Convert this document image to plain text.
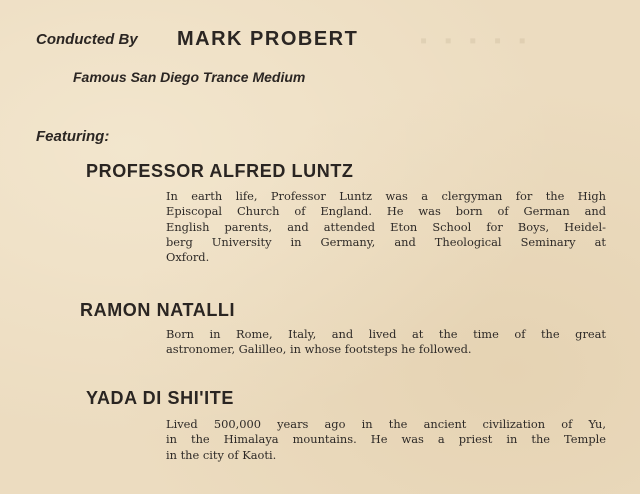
▪ ▪ ▪ ▪ ▪
Conducted By MARK PROBERT
Famous San Diego Trance Medium
Featuring:
PROFESSOR ALFRED LUNTZ
In earth life, Professor Luntz was a clergyman for the High
Episcopal Church of England. He was born of German and
English parents, and attended Eton School for Boys, Heidel-
berg University in Germany, and Theological Seminary at
Oxford.
RAMON NATALLI
Born in Rome, Italy, and lived at the time of the great
astronomer, Galilleo, in whose footsteps he followed.
YADA DI SHI'ITE
Lived 500,000 years ago in the ancient civilization of Yu,
in the Himalaya mountains. He was a priest in the Temple
in the city of Kaoti.
